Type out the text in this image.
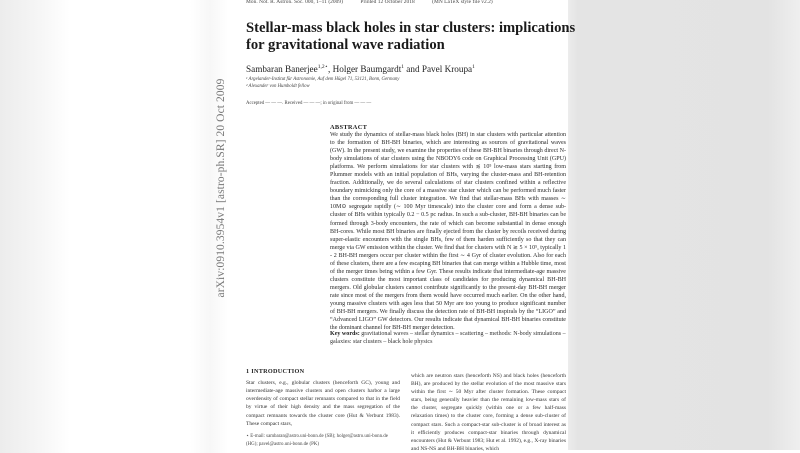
Mon. Not. R. Astron. Soc. 000, 1–11 (2009)	Printed 12 October 2018	(MN LaTeX style file v2.2)
arXiv:0910.3954v1 [astro-ph.SR] 20 Oct 2009
Stellar-mass black holes in star clusters: implications for gravitational wave radiation
Sambaran Banerjee$^{1,2⋆}$, Holger Baumgardt$^1$ and Pavel Kroupa$^1$
¹ Argelander-Institut für Astronomie, Auf dem Hügel 71, 53121, Bonn, Germany
² Alexander von Humboldt fellow
Accepted — — —. Received — — —; in original from — — —
ABSTRACT
We study the dynamics of stellar-mass black holes (BH) in star clusters with particular attention to the formation of BH-BH binaries, which are interesting as sources of gravitational waves (GW). In the present study, we examine the properties of these BH-BH binaries through direct N-body simulations of star clusters using the NBODY6 code on Graphical Processing Unit (GPU) platforms. We perform simulations for star clusters with ≲ 10⁵ low-mass stars starting from Plummer models with an initial population of BHs, varying the cluster-mass and BH-retention fraction. Additionally, we do several calculations of star clusters confined within a reflective boundary mimicking only the core of a massive star cluster which can be performed much faster than the corresponding full cluster integration. We find that stellar-mass BHs with masses ∼ 10M⊙ segregate rapidly (∼ 100 Myr timescale) into the cluster core and form a dense sub-cluster of BHs within typically 0.2 − 0.5 pc radius. In such a sub-cluster, BH-BH binaries can be formed through 3-body encounters, the rate of which can become substantial in dense enough BH-cores. While most BH binaries are finally ejected from the cluster by recoils received during super-elastic encounters with the single BHs, few of them harden sufficiently so that they can merge via GW emission within the cluster. We find that for clusters with N ≳ 5 × 10⁵, typically 1 - 2 BH-BH mergers occur per cluster within the first ∼ 4 Gyr of cluster evolution. Also for each of these clusters, there are a few escaping BH binaries that can merge within a Hubble time, most of the merger times being within a few Gyr. These results indicate that intermediate-age massive clusters constitute the most important class of candidates for producing dynamical BH-BH mergers. Old globular clusters cannot contribute significantly to the present-day BH-BH merger rate since most of the mergers from them would have occurred much earlier. On the other hand, young massive clusters with ages less that 50 Myr are too young to produce significant number of BH-BH mergers. We finally discuss the detection rate of BH-BH inspirals by the “LIGO” and “Advanced LIGO” GW detectors. Our results indicate that dynamical BH-BH binaries constitute the dominant channel for BH-BH merger detection.
Key words: gravitational waves – stellar dynamics – scattering – methods: N-body simulations – galaxies: star clusters – black hole physics
1 INTRODUCTION
Star clusters, e.g., globular clusters (henceforth GC), young and intermediate-age massive clusters and open clusters harbor a large overdensity of compact stellar remnants compared to that in the field by virtue of their high density and the mass segregation of the compact remnants towards the cluster core (Hut & Verbunt 1983). These compact stars,
which are neutron stars (henceforth NS) and black holes (henceforth BH), are produced by the stellar evolution of the most massive stars within the first ∼ 50 Myr after cluster formation. These compact stars, being generally heavier than the remaining low-mass stars of the cluster, segregate quickly (within one or a few half-mass relaxation times) to the cluster core, forming a dense sub-cluster of compact stars. Such a compact-star sub-cluster is of broad interest as it efficiently produces compact-star binaries through dynamical encounters (Hut & Verbunt 1983; Hut et al. 1992), e.g., X-ray binaries and NS-NS and BH-BH binaries, which
⋆ E-mail: sambaran@astro.uni-bonn.de (SB); holger@astro.uni-bonn.de (HG); pavel@astro.uni-bonn.de (PK)
